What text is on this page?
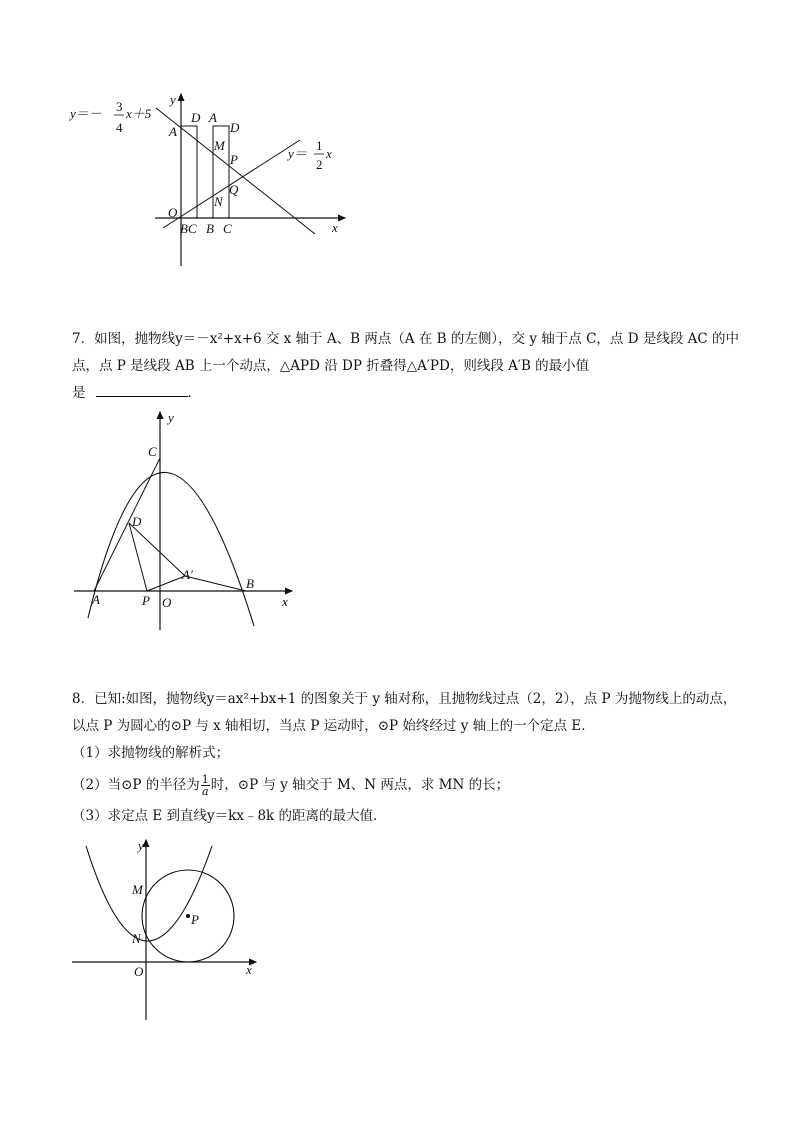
y＝－ 3
4
x＋5
y＝
1
2
x
y
x
A
D A
D
M
P
Q
N
O
BC B C
7．如图，抛物线y＝－x²+x+6 交 x 轴于 A、B 两点（A 在 B 的左侧），交 y 轴于点 C，点 D 是线段 AC 的中
点，点 P 是线段 AB 上一个动点，△APD 沿 DP 折叠得△A′PD，则线段 A′B 的最小值
是	．
C
D
A′
A	P O
B
y
x
8．已知:如图，抛物线y＝ax²+bx+1 的图象关于 y 轴对称，且抛物线过点（2，2），点 P 为抛物线上的动点，
以点 P 为圆心的⊙P 与 x 轴相切，当点 P 运动时，⊙P 始终经过 y 轴上的一个定点 E．
（1）求抛物线的解析式；
（2）当⊙P 的半径为 $\frac{1}{a}$ 时，⊙P 与 y 轴交于 M、N 两点，求 MN 的长；
（3）求定点 E 到直线y＝kx﹣8k 的距离的最大值．
M
N
P
O
y
x
